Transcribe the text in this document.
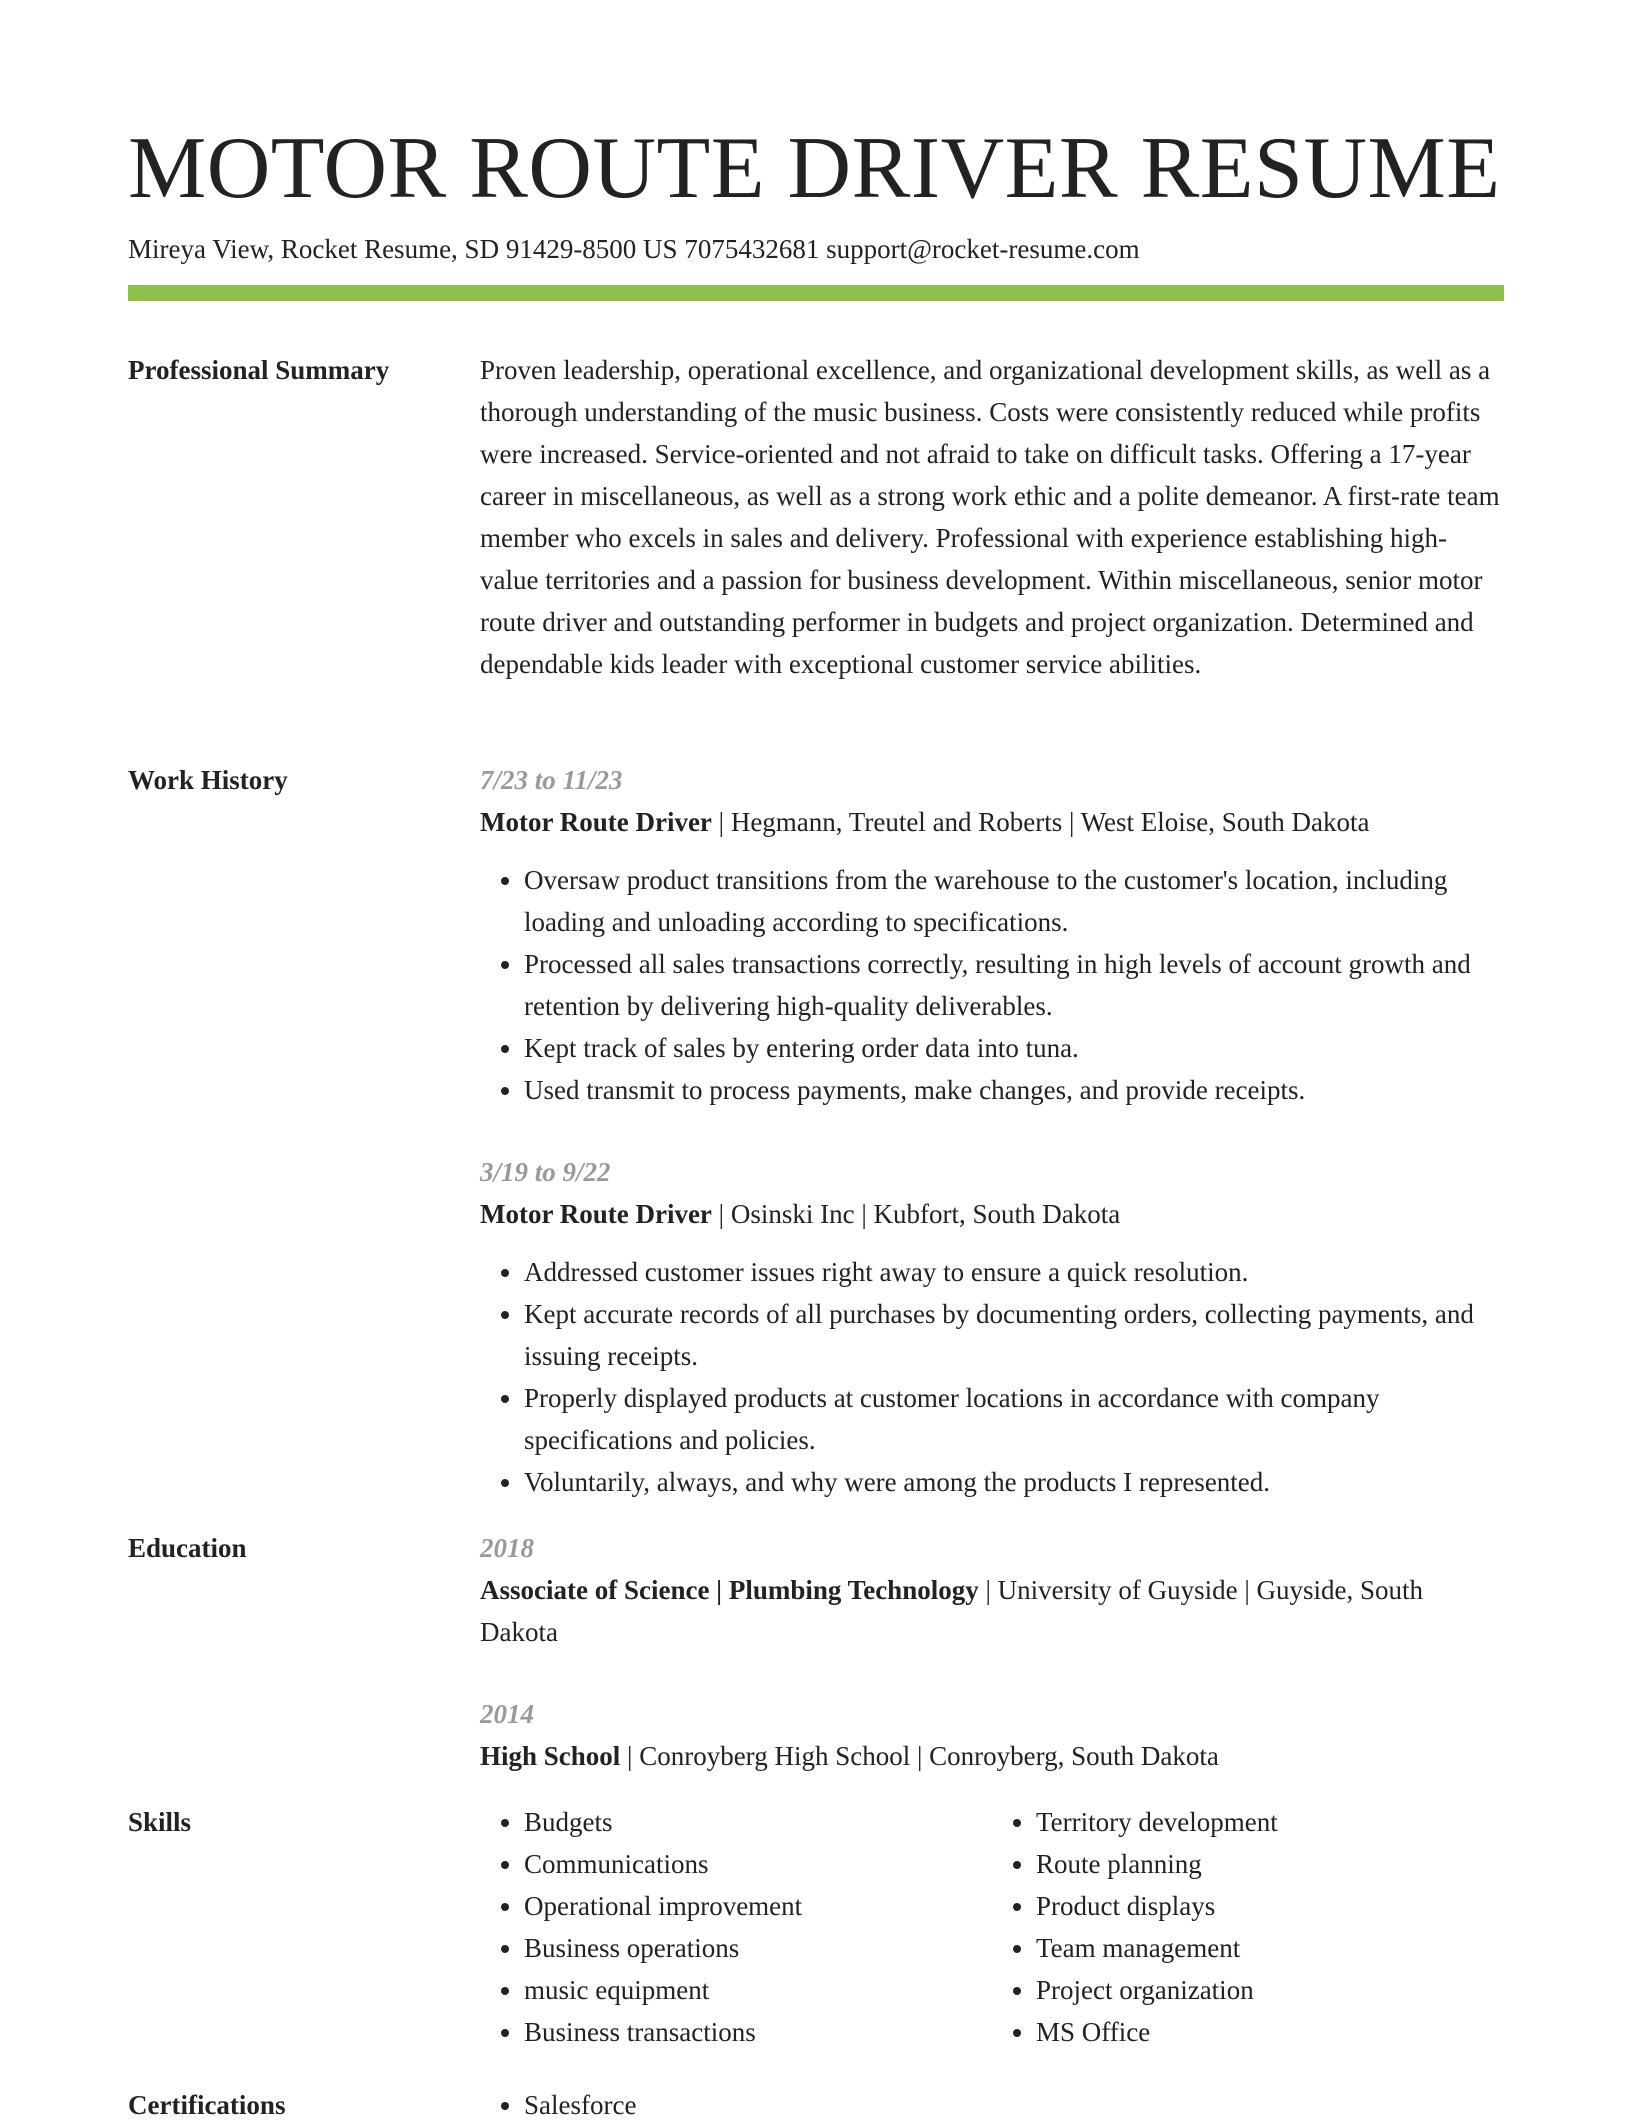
MOTOR ROUTE DRIVER RESUME
Mireya View, Rocket Resume, SD 91429-8500 US 7075432681 support@rocket-resume.com
Professional Summary	Proven leadership, operational excellence, and organizational development skills, as well as a thorough understanding of the music business. Costs were consistently reduced while profits were increased. Service-oriented and not afraid to take on difficult tasks. Offering a 17-year career in miscellaneous, as well as a strong work ethic and a polite demeanor. A first-rate team member who excels in sales and delivery. Professional with experience establishing high-value territories and a passion for business development. Within miscellaneous, senior motor route driver and outstanding performer in budgets and project organization. Determined and dependable kids leader with exceptional customer service abilities.

Work History	7/23 to 11/23
Motor Route Driver | Hegmann, Treutel and Roberts | West Eloise, South Dakota
• Oversaw product transitions from the warehouse to the customer's location, including loading and unloading according to specifications.
• Processed all sales transactions correctly, resulting in high levels of account growth and retention by delivering high-quality deliverables.
• Kept track of sales by entering order data into tuna.
• Used transmit to process payments, make changes, and provide receipts.
3/19 to 9/22
Motor Route Driver | Osinski Inc | Kubfort, South Dakota
• Addressed customer issues right away to ensure a quick resolution.
• Kept accurate records of all purchases by documenting orders, collecting payments, and issuing receipts.
• Properly displayed products at customer locations in accordance with company specifications and policies.
• Voluntarily, always, and why were among the products I represented.
Education	2018
Associate of Science | Plumbing Technology | University of Guyside | Guyside, South Dakota
2014
High School | Conroyberg High School | Conroyberg, South Dakota
Skills	• Budgets
• Communications
• Operational improvement
• Business operations
• music equipment
• Business transactions
• Territory development
• Route planning
• Product displays
• Team management
• Project organization
• MS Office
Certifications	• Salesforce
